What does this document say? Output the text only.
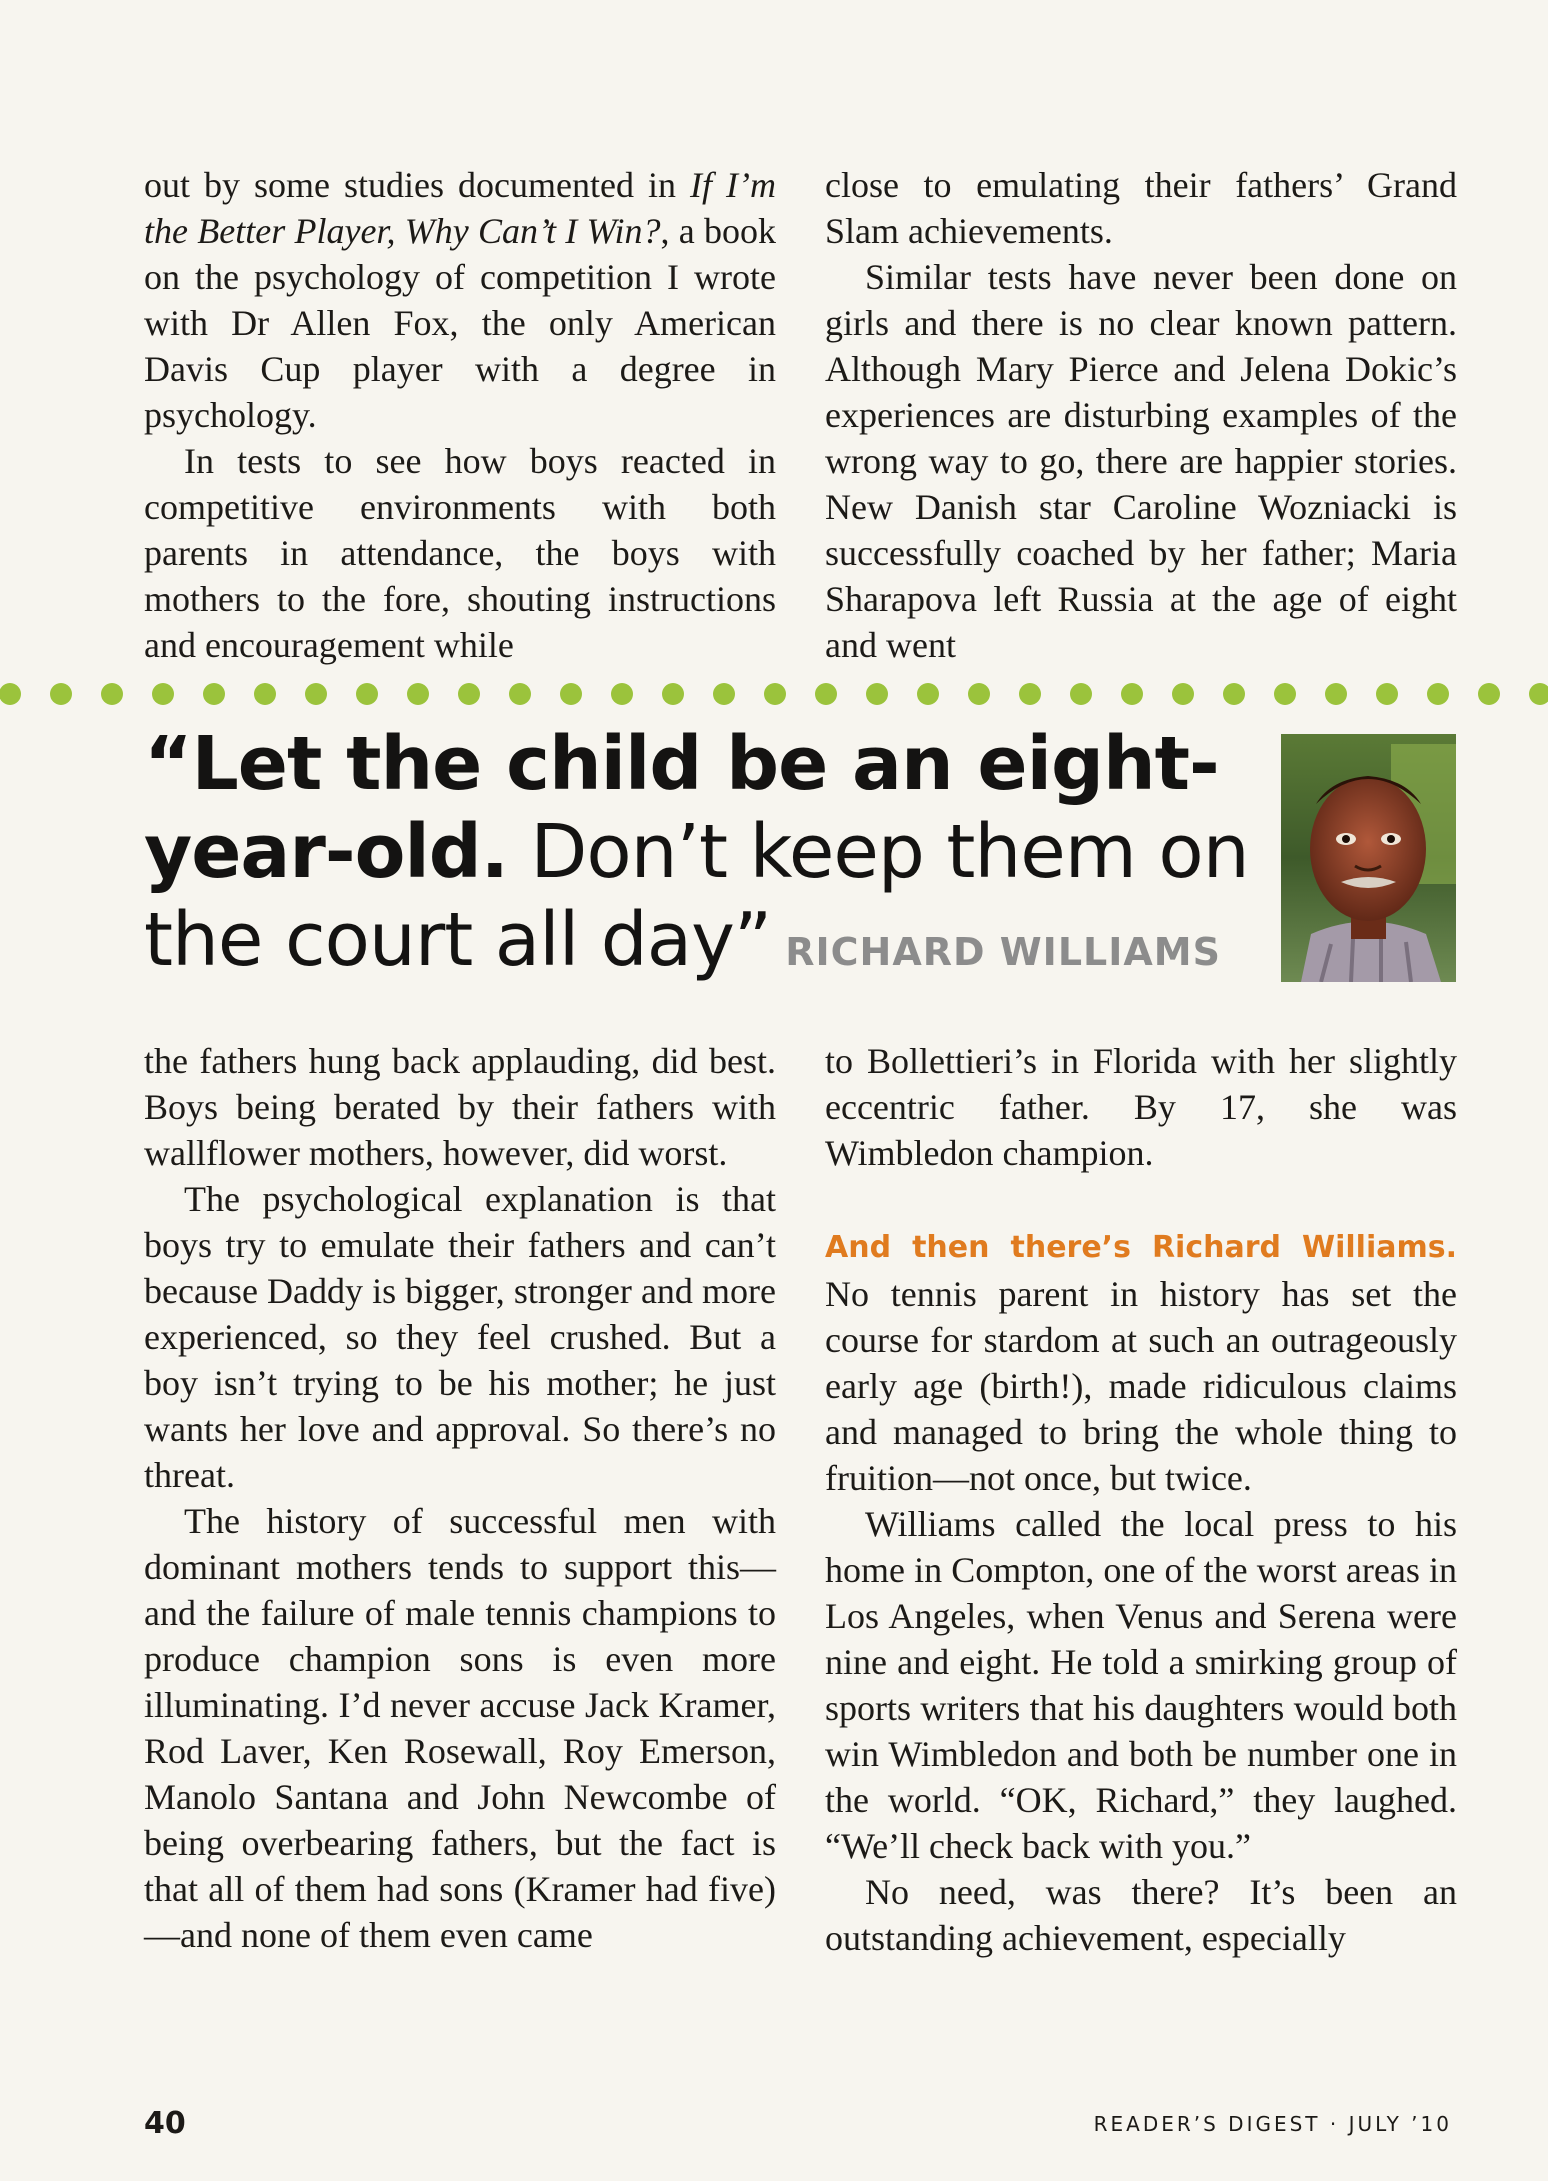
out by some studies documented in If I’m the Better Player, Why Can’t I Win?, a book on the psychology of competition I wrote with Dr Allen Fox, the only American Davis Cup player with a degree in psychology.

In tests to see how boys reacted in competitive environments with both parents in attendance, the boys with mothers to the fore, shouting instructions and encouragement while

close to emulating their fathers’ Grand Slam achievements.

Similar tests have never been done on girls and there is no clear known pattern. Although Mary Pierce and Jelena Dokic’s experiences are disturbing examples of the wrong way to go, there are happier stories. New Danish star Caroline Wozniacki is successfully coached by her father; Maria Sharapova left Russia at the age of eight and went

“Let the child be an eight-year-old. Don’t keep them on the court all day” RICHARD WILLIAMS

the fathers hung back applauding, did best. Boys being berated by their fathers with wallflower mothers, however, did worst.

The psychological explanation is that boys try to emulate their fathers and can’t because Daddy is bigger, stronger and more experienced, so they feel crushed. But a boy isn’t trying to be his mother; he just wants her love and approval. So there’s no threat.

The history of successful men with dominant mothers tends to support this—and the failure of male tennis champions to produce champion sons is even more illuminating. I’d never accuse Jack Kramer, Rod Laver, Ken Rosewall, Roy Emerson, Manolo Santana and John Newcombe of being overbearing fathers, but the fact is that all of them had sons (Kramer had five)—and none of them even came

to Bollettieri’s in Florida with her slightly eccentric father. By 17, she was Wimbledon champion.

And then there’s Richard Williams. No tennis parent in history has set the course for stardom at such an outrageously early age (birth!), made ridiculous claims and managed to bring the whole thing to fruition—not once, but twice.

Williams called the local press to his home in Compton, one of the worst areas in Los Angeles, when Venus and Serena were nine and eight. He told a smirking group of sports writers that his daughters would both win Wimbledon and both be number one in the world. “OK, Richard,” they laughed. “We’ll check back with you.”

No need, was there? It’s been an outstanding achievement, especially

40	READER’S DIGEST · JULY ’10
